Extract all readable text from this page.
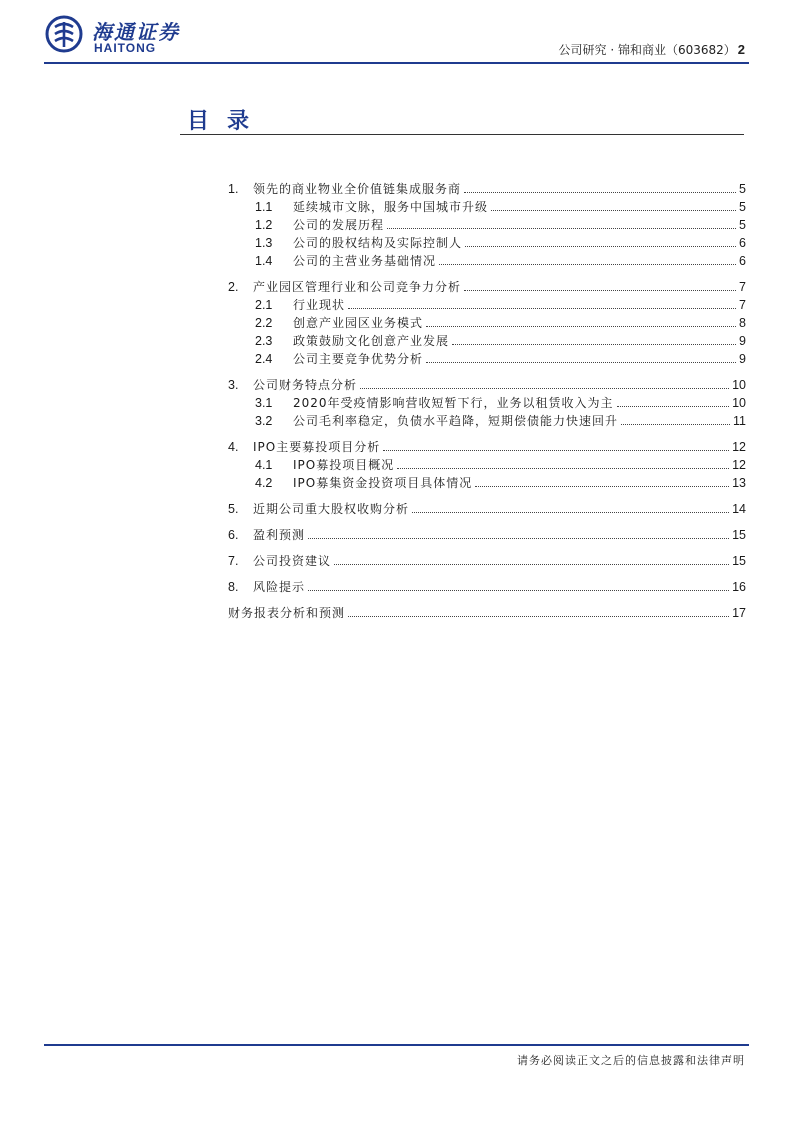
海通证券
HAITONG	公司研究 · 锦和商业（603682） 2
目录
1.	领先的商业物业全价值链集成服务商	5
1.1	延续城市文脉，服务中国城市升级	5
1.2	公司的发展历程	5
1.3	公司的股权结构及实际控制人	6
1.4	公司的主营业务基础情况	6
2.	产业园区管理行业和公司竞争力分析	7
2.1	行业现状	7
2.2	创意产业园区业务模式	8
2.3	政策鼓励文化创意产业发展	9
2.4	公司主要竞争优势分析	9
3.	公司财务特点分析	10
3.1	2020年受疫情影响营收短暂下行，业务以租赁收入为主	10
3.2	公司毛利率稳定，负债水平趋降，短期偿债能力快速回升	11
4.	IPO主要募投项目分析	12
4.1	IPO募投项目概况	12
4.2	IPO募集资金投资项目具体情况	13
5.	近期公司重大股权收购分析	14
6.	盈利预测	15
7.	公司投资建议	15
8.	风险提示	16
财务报表分析和预测	17
请务必阅读正文之后的信息披露和法律声明
